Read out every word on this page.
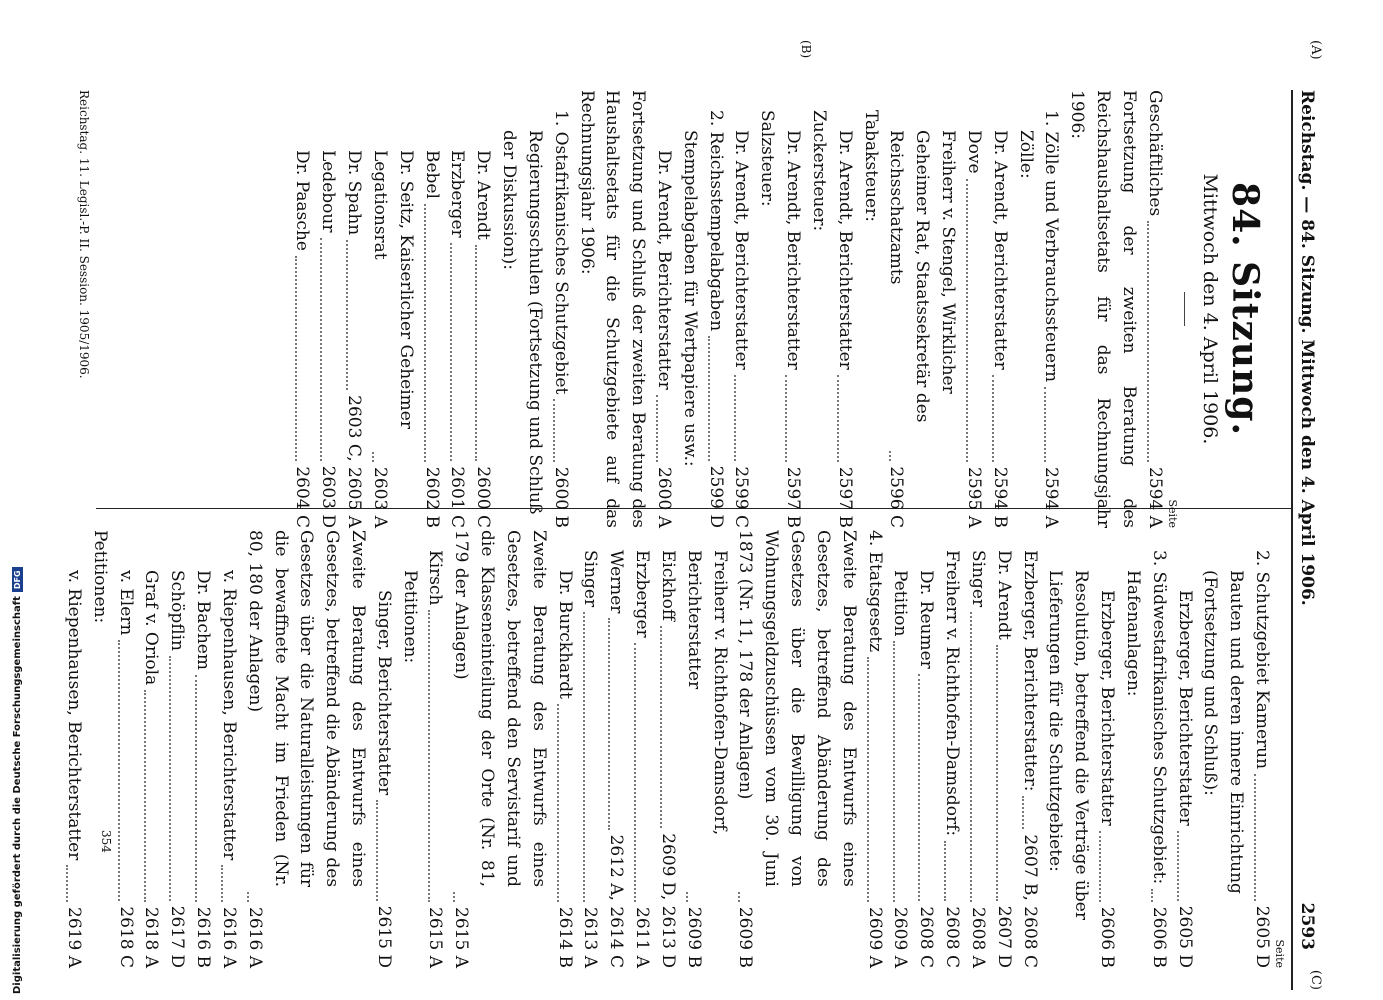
(A)
(C)
Reichstag. — 84. Sitzung. Mittwoch den 4. April 1906.
2593
(B)
84. Sitzung.
Mittwoch den 4. April 1906.
Seite
Geschäftliches
2594 A
Fortsetzung der zweiten Beratung des Reichshaushaltsetats für das Rechnungsjahr 1906:
1. Zölle und Verbrauchssteuern
2594 A
Zölle:
Dr. Arendt, Berichterstatter
2594 B
Dove
2595 A
Freiherr v. Stengel, Wirklicher Geheimer Rat, Staatssekretär des Reichsschatzamts
2596 C
Tabaksteuer:
Dr. Arendt, Berichterstatter
2597 B
Zuckersteuer:
Dr. Arendt, Berichterstatter
2597 B
Salzsteuer:
Dr. Arendt, Berichterstatter
2599 C
2. Reichsstempelabgaben
2599 D
Stempelabgaben für Wertpapiere usw.:
Dr. Arendt, Berichterstatter
2600 A
Fortsetzung und Schluß der zweiten Beratung des Haushaltsetats für die Schutzgebiete auf das Rechnungsjahr 1906:
1. Ostafrikanisches Schutzgebiet
2600 B
Regierungsschulen (Fortsetzung und Schluß der Diskussion):
Dr. Arendt
2600 C
Erzberger
2601 C
Bebel
2602 B
Dr. Seitz, Kaiserlicher Geheimer Legationsrat
2603 A
Dr. Spahn
2603 C, 2605 A
Ledebour
2603 D
Dr. Paasche
2604 C
Seite
2. Schutzgebiet Kamerun
2605 D
Bauten und deren innere Einrichtung (Fortsetzung und Schluß):
Erzberger, Berichterstatter
2605 D
3. Südwestafrikanisches Schutzgebiet:
2606 B
Hafenanlagen:
Erzberger, Berichterstatter
2606 B
Resolution, betreffend die Verträge über Lieferungen für die Schutzgebiete:
Erzberger, Berichterstatter:
2607 B, 2608 C
Dr. Arendt
2607 D
Singer
2608 A
Freiherr v. Richthofen-Damsdorf:
2608 C
Dr. Reumer
2608 C
Petition
2609 A
4. Etatsgesetz
2609 A
Zweite Beratung des Entwurfs eines Gesetzes, betreffend Abänderung des Gesetzes über die Bewilligung von Wohnungsgeldzuschüssen vom 30. Juni 1873 (Nr. 11, 178 der Anlagen)
2609 B
Freiherr v. Richthofen-Damsdorf, Berichterstatter
2609 B
Eickhoff
2609 D, 2613 D
Erzberger
2611 A
Werner
2612 A, 2614 C
Singer
2613 A
Dr. Burckhardt
2614 B
Zweite Beratung des Entwurfs eines Gesetzes, betreffend den Servistarif und die Klasseneinteilung der Orte (Nr. 81, 179 der Anlagen)
2615 A
Kirsch
2615 A
Petitionen:
Singer, Berichterstatter
2615 D
Zweite Beratung des Entwurfs eines Gesetzes, betreffend die Abänderung des Gesetzes über die Naturalleistungen für die bewaffnete Macht im Frieden (Nr. 80, 180 der Anlagen)
2616 A
v. Riepenhausen, Berichterstatter
2616 A
Dr. Bachem
2616 B
Schöpflin
2617 D
Graf v. Oriola
2618 A
v. Elern
2618 C
Petitionen:
v. Riepenhausen, Berichterstatter
2619 A
Reichstag. 11. Legisl.-P. II. Session. 1905/1906.
354
Digitalisierung gefördert durch die Deutsche Forschungsgemeinschaft
DFG
